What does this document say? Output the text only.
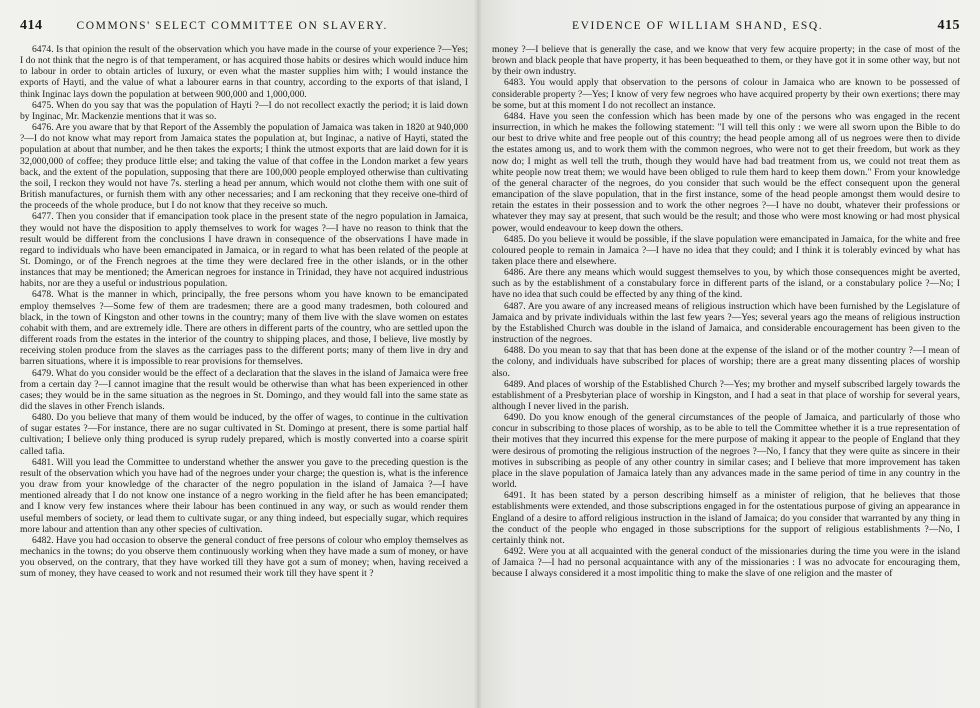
414	COMMONS' SELECT COMMITTEE ON SLAVERY.

6474. Is that opinion the result of the observation which you have made in the course of your experience ?—Yes; I do not think that the negro is of that temperament, or has acquired those habits or desires which would induce him to labour in order to obtain articles of luxury, or even what the master supplies him with; I would instance the exports of Hayti, and the value of what a labourer earns in that country, according to the exports of that island, I think Inginac lays down the population at between 900,000 and 1,000,000.

6475. When do you say that was the population of Hayti ?—I do not recollect exactly the period; it is laid down by Inginac, Mr. Mackenzie mentions that it was so.

6476. Are you aware that by that Report of the Assembly the population of Jamaica was taken in 1820 at 940,000 ?—I do not know what may report from Jamaica states the population at, but Inginac, a native of Hayti, stated the population at about that number, and he then takes the exports; I think the utmost exports that are laid down for it is 32,000,000 of coffee; they produce little else; and taking the value of that coffee in the London market a few years back, and the extent of the population, supposing that there are 100,000 people employed otherwise than cultivating the soil, I reckon they would not have 7s. sterling a head per annum, which would not clothe them with one suit of British manufactures, or furnish them with any other necessaries; and I am reckoning that they receive one-third of the proceeds of the whole produce, but I do not know that they receive so much.

6477. Then you consider that if emancipation took place in the present state of the negro population in Jamaica, they would not have the disposition to apply themselves to work for wages ?—I have no reason to think that the result would be different from the conclusions I have drawn in consequence of the observations I have made in regard to individuals who have been emancipated in Jamaica, or in regard to what has been related of the people at St. Domingo, or of the French negroes at the time they were declared free in the other islands, or in the other instances that may be mentioned; the American negroes for instance in Trinidad, they have not acquired industrious habits, nor are they a useful or industrious population.

6478. What is the manner in which, principally, the free persons whom you have known to be emancipated employ themselves ?—Some few of them are tradesmen; there are a good many tradesmen, both coloured and black, in the town of Kingston and other towns in the country; many of them live with the slave women on estates cohabit with them, and are extremely idle. There are others in different parts of the country, who are settled upon the different roads from the estates in the interior of the country to shipping places, and those, I believe, live mostly by receiving stolen produce from the slaves as the carriages pass to the different ports; many of them live in dry and barren situations, where it is impossible to rear provisions for themselves.

6479. What do you consider would be the effect of a declaration that the slaves in the island of Jamaica were free from a certain day ?—I cannot imagine that the result would be otherwise than what has been experienced in other cases; they would be in the same situation as the negroes in St. Domingo, and they would fall into the same state as did the slaves in other French islands.

6480. Do you believe that many of them would be induced, by the offer of wages, to continue in the cultivation of sugar estates ?—For instance, there are no sugar cultivated in St. Domingo at present, there is some partial half cultivation; I believe only thing produced is syrup rudely prepared, which is mostly converted into a coarse spirit called tafia.

6481. Will you lead the Committee to understand whether the answer you gave to the preceding question is the result of the observation which you have had of the negroes under your charge; the question is, what is the inference you draw from your knowledge of the character of the negro population in the island of Jamaica ?—I have mentioned already that I do not know one instance of a negro working in the field after he has been emancipated; and I know very few instances where their labour has been continued in any way, or such as would render them useful members of society, or lead them to cultivate sugar, or any thing indeed, but especially sugar, which requires more labour and attention than any other species of cultivation.

6482. Have you had occasion to observe the general conduct of free persons of colour who employ themselves as mechanics in the towns; do you observe them continuously working when they have made a sum of money, or have you observed, on the contrary, that they have worked till they have got a sum of money; when, having received a sum of money, they have ceased to work and not resumed their work till they have spent it ?

EVIDENCE OF WILLIAM SHAND, ESQ.	415

money ?—I believe that is generally the case, and we know that very few acquire property; in the case of most of the brown and black people that have property, it has been bequeathed to them, or they have got it in some other way, but not by their own industry.

6483. You would apply that observation to the persons of colour in Jamaica who are known to be possessed of considerable property ?—Yes; I know of very few negroes who have acquired property by their own exertions; there may be some, but at this moment I do not recollect an instance.

6484. Have you seen the confession which has been made by one of the persons who was engaged in the recent insurrection, in which he makes the following statement: "I will tell this only : we were all sworn upon the Bible to do our best to drive white and free people out of this country; the head people among all of us negroes were then to divide the estates among us, and to work them with the common negroes, who were not to get their freedom, but work as they now do; I might as well tell the truth, though they would have had bad treatment from us, we could not treat them as white people now treat them; we would have been obliged to rule them hard to keep them down." From your knowledge of the general character of the negroes, do you consider that such would be the effect consequent upon the general emancipation of the slave population, that in the first instance, some of the head people amongst them would desire to retain the estates in their possession and to work the other negroes ?—I have no doubt, whatever their professions or whatever they may say at present, that such would be the result; and those who were most knowing or had most physical power, would endeavour to keep down the others.

6485. Do you believe it would be possible, if the slave population were emancipated in Jamaica, for the white and free coloured people to remain in Jamaica ?—I have no idea that they could; and I think it is tolerably evinced by what has taken place there and elsewhere.

6486. Are there any means which would suggest themselves to you, by which those consequences might be averted, such as by the establishment of a constabulary force in different parts of the island, or a constabulary police ?—No; I have no idea that such could be effected by any thing of the kind.

6487. Are you aware of any increased means of religious instruction which have been furnished by the Legislature of Jamaica and by private individuals within the last few years ?—Yes; several years ago the means of religious instruction by the Established Church was double in the island of Jamaica, and considerable encouragement has been given to the instruction of the negroes.

6488. Do you mean to say that that has been done at the expense of the island or of the mother country ?—I mean of the colony, and individuals have subscribed for places of worship; there are a great many dissenting places of worship also.

6489. And places of worship of the Established Church ?—Yes; my brother and myself subscribed largely towards the establishment of a Presbyterian place of worship in Kingston, and I had a seat in that place of worship for several years, although I never lived in the parish.

6490. Do you know enough of the general circumstances of the people of Jamaica, and particularly of those who concur in subscribing to those places of worship, as to be able to tell the Committee whether it is a true representation of their motives that they incurred this expense for the mere purpose of making it appear to the people of England that they were desirous of promoting the religious instruction of the negroes ?—No, I fancy that they were quite as sincere in their motives in subscribing as people of any other country in similar cases; and I believe that more improvement has taken place in the slave population of Jamaica lately than any advances made in the same period of time in any country in the world.

6491. It has been stated by a person describing himself as a minister of religion, that he believes that those establishments were extended, and those subscriptions engaged in for the ostentatious purpose of giving an appearance in England of a desire to afford religious instruction in the island of Jamaica; do you consider that warranted by any thing in the conduct of the people who engaged in those subscriptions for the support of religious establishments ?—No, I certainly think not.

6492. Were you at all acquainted with the general conduct of the missionaries during the time you were in the island of Jamaica ?—I had no personal acquaintance with any of the missionaries : I was no advocate for encouraging them, because I always considered it a most impolitic thing to make the slave of one religion and the master of
